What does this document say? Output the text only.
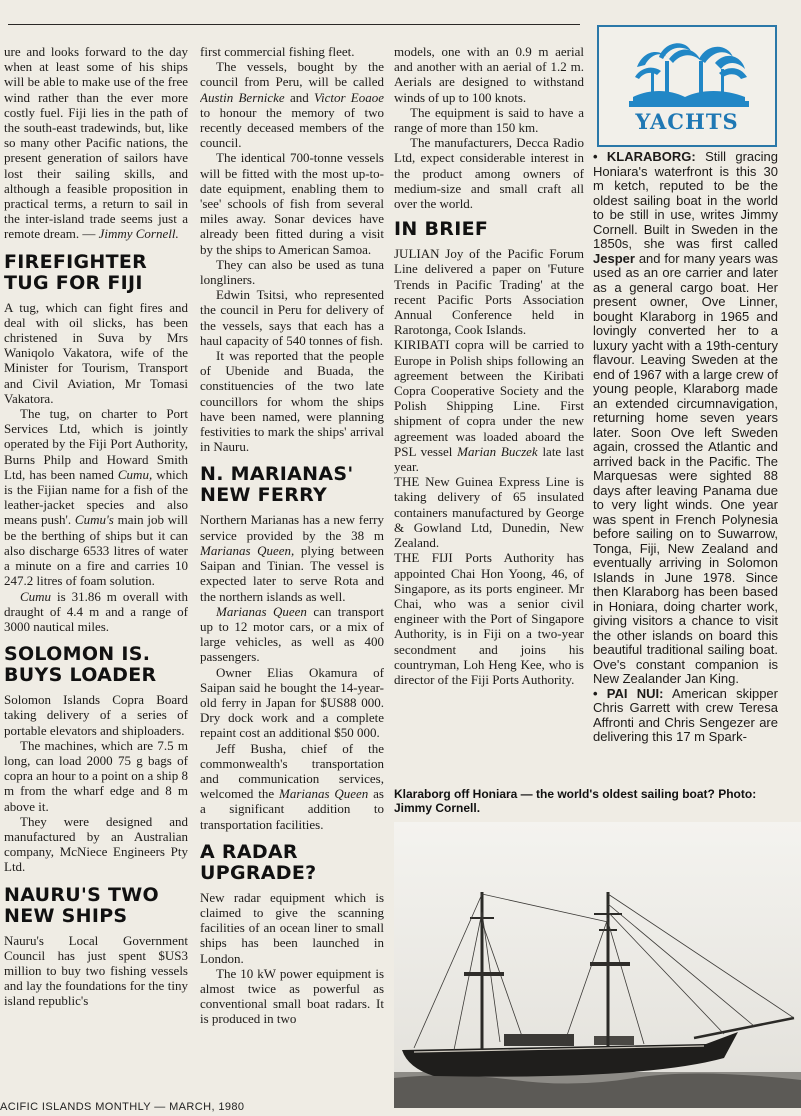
ure and looks forward to the day when at least some of his ships will be able to make use of the free wind rather than the ever more costly fuel. Fiji lies in the path of the south-east tradewinds, but, like so many other Pacific nations, the present generation of sailors have lost their sailing skills, and although a feasible proposition in practical terms, a return to sail in the inter-island trade seems just a remote dream. — Jimmy Cornell.

FIREFIGHTER TUG FOR FIJI

A tug, which can fight fires and deal with oil slicks, has been christened in Suva by Mrs Waniqolo Vakatora, wife of the Minister for Tourism, Transport and Civil Aviation, Mr Tomasi Vakatora.

The tug, on charter to Port Services Ltd, which is jointly operated by the Fiji Port Authority, Burns Philp and Howard Smith Ltd, has been named Cumu, which is the Fijian name for a fish of the leather-jacket species and also means push'. Cumu's main job will be the berthing of ships but it can also discharge 6533 litres of water a minute on a fire and carries 10 247.2 litres of foam solution.

Cumu is 31.86 m overall with draught of 4.4 m and a range of 3000 nautical miles.

SOLOMON IS. BUYS LOADER

Solomon Islands Copra Board taking delivery of a series of portable elevators and shiploaders.

The machines, which are 7.5 m long, can load 2000 75 g bags of copra an hour to a point on a ship 8 m from the wharf edge and 8 m above it.

They were designed and manufactured by an Australian company, McNiece Engineers Pty Ltd.

NAURU'S TWO NEW SHIPS

Nauru's Local Government Council has just spent $US3 million to buy two fishing vessels and lay the foundations for the tiny island republic's

first commercial fishing fleet.

The vessels, bought by the council from Peru, will be called Austin Bernicke and Victor Eoaoe to honour the memory of two recently deceased members of the council.

The identical 700-tonne vessels will be fitted with the most up-to-date equipment, enabling them to 'see' schools of fish from several miles away. Sonar devices have already been fitted during a visit by the ships to American Samoa.

They can also be used as tuna longliners.

Edwin Tsitsi, who represented the council in Peru for delivery of the vessels, says that each has a haul capacity of 540 tonnes of fish.

It was reported that the people of Ubenide and Buada, the constituencies of the two late councillors for whom the ships have been named, were planning festivities to mark the ships' arrival in Nauru.

N. MARIANAS' NEW FERRY

Northern Marianas has a new ferry service provided by the 38 m Marianas Queen, plying between Saipan and Tinian. The vessel is expected later to serve Rota and the northern islands as well.

Marianas Queen can transport up to 12 motor cars, or a mix of large vehicles, as well as 400 passengers.

Owner Elias Okamura of Saipan said he bought the 14-year-old ferry in Japan for $US88 000. Dry dock work and a complete repaint cost an additional $50 000.

Jeff Busha, chief of the commonwealth's transportation and communication services, welcomed the Marianas Queen as a significant addition to transportation facilities.

A RADAR UPGRADE?

New radar equipment which is claimed to give the scanning facilities of an ocean liner to small ships has been launched in London.

The 10 kW power equipment is almost twice as powerful as conventional small boat radars. It is produced in two

models, one with an 0.9 m aerial and another with an aerial of 1.2 m. Aerials are designed to withstand winds of up to 100 knots.

The equipment is said to have a range of more than 150 km.

The manufacturers, Decca Radio Ltd, expect considerable interest in the product among owners of medium-size and small craft all over the world.

IN BRIEF

JULIAN Joy of the Pacific Forum Line delivered a paper on 'Future Trends in Pacific Trading' at the recent Pacific Ports Association Annual Conference held in Rarotonga, Cook Islands.

KIRIBATI copra will be carried to Europe in Polish ships following an agreement between the Kiribati Copra Cooperative Society and the Polish Shipping Line. First shipment of copra under the new agreement was loaded aboard the PSL vessel Marian Buczek late last year.

THE New Guinea Express Line is taking delivery of 65 insulated containers manufactured by George & Gowland Ltd, Dunedin, New Zealand.

THE FIJI Ports Authority has appointed Chai Hon Yoong, 46, of Singapore, as its ports engineer. Mr Chai, who was a senior civil engineer with the Port of Singapore Authority, is in Fiji on a two-year secondment and joins his countryman, Loh Heng Kee, who is director of the Fiji Ports Authority.

YACHTS

• KLARABORG: Still gracing Honiara's waterfront is this 30 m ketch, reputed to be the oldest sailing boat in the world to be still in use, writes Jimmy Cornell. Built in Sweden in the 1850s, she was first called Jesper and for many years was used as an ore carrier and later as a general cargo boat. Her present owner, Ove Linner, bought Klaraborg in 1965 and lovingly converted her to a luxury yacht with a 19th-century flavour. Leaving Sweden at the end of 1967 with a large crew of young people, Klaraborg made an extended circumnavigation, returning home seven years later. Soon Ove left Sweden again, crossed the Atlantic and arrived back in the Pacific. The Marquesas were sighted 88 days after leaving Panama due to very light winds. One year was spent in French Polynesia before sailing on to Suwarrow, Tonga, Fiji, New Zealand and eventually arriving in Solomon Islands in June 1978. Since then Klaraborg has been based in Honiara, doing charter work, giving visitors a chance to visit the other islands on board this beautiful traditional sailing boat. Ove's constant companion is New Zealander Jan King.

• PAI NUI: American skipper Chris Garrett with crew Teresa Affronti and Chris Sengezer are delivering this 17 m Spark-

Klaraborg off Honiara — the world's oldest sailing boat? Photo: Jimmy Cornell.
ACIFIC ISLANDS MONTHLY — MARCH, 1980
